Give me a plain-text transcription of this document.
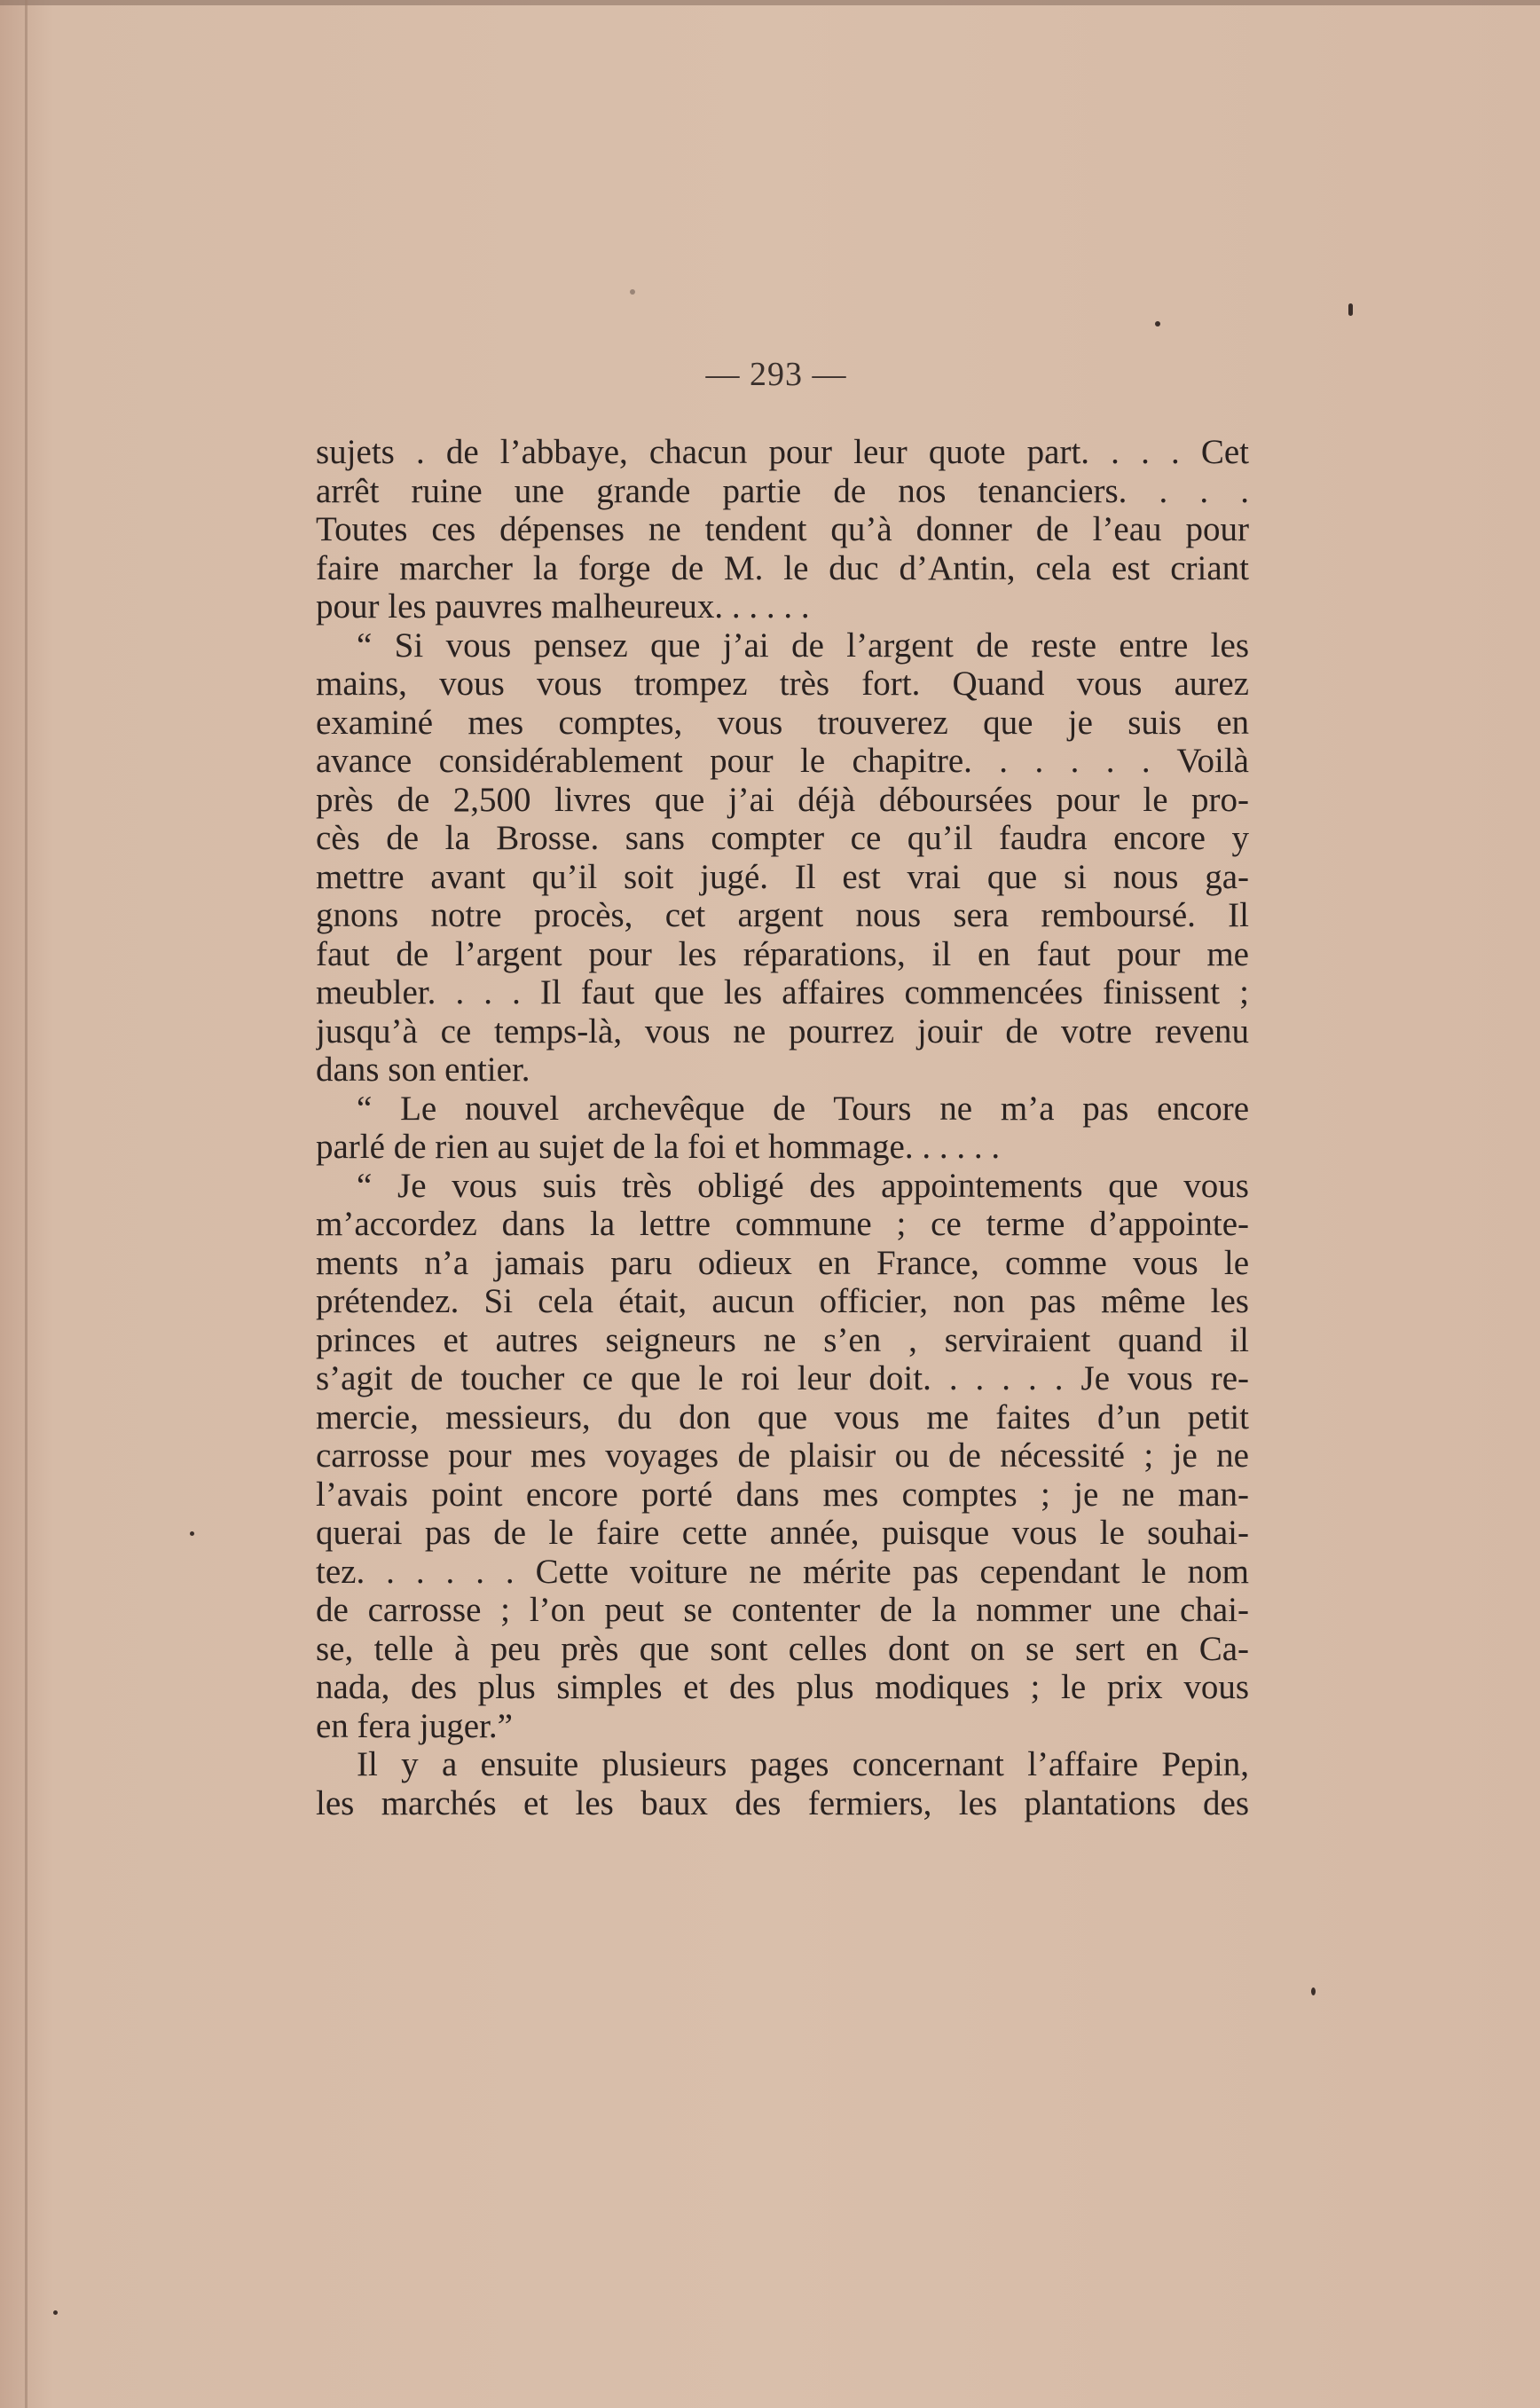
— 293 —
sujets . de l’abbaye, chacun pour leur quote part. . . . Cet
arrêt ruine une grande partie de nos tenanciers. . . .
Toutes ces dépenses ne tendent qu’à donner de l’eau pour
faire marcher la forge de M. le duc d’Antin, cela est criant
pour les pauvres malheureux. . . . . .
“ Si vous pensez que j’ai de l’argent de reste entre les
mains, vous vous trompez très fort. Quand vous aurez
examiné mes comptes, vous trouverez que je suis en
avance considérablement pour le chapitre. . . . . . Voilà
près de 2,500 livres que j’ai déjà déboursées pour le pro-
cès de la Brosse. sans compter ce qu’il faudra encore y
mettre avant qu’il soit jugé. Il est vrai que si nous ga-
gnons notre procès, cet argent nous sera remboursé. Il
faut de l’argent pour les réparations, il en faut pour me
meubler. . . . Il faut que les affaires commencées finissent ;
jusqu’à ce temps-là, vous ne pourrez jouir de votre revenu
dans son entier.
“ Le nouvel archevêque de Tours ne m’a pas encore
parlé de rien au sujet de la foi et hommage. . . . . .
“ Je vous suis très obligé des appointements que vous
m’accordez dans la lettre commune ; ce terme d’appointe-
ments n’a jamais paru odieux en France, comme vous le
prétendez. Si cela était, aucun officier, non pas même les
princes et autres seigneurs ne s’en , serviraient quand il
s’agit de toucher ce que le roi leur doit. . . . . . Je vous re-
mercie, messieurs, du don que vous me faites d’un petit
carrosse pour mes voyages de plaisir ou de nécessité ; je ne
l’avais point encore porté dans mes comptes ; je ne man-
querai pas de le faire cette année, puisque vous le souhai-
tez. . . . . . Cette voiture ne mérite pas cependant le nom
de carrosse ; l’on peut se contenter de la nommer une chai-
se, telle à peu près que sont celles dont on se sert en Ca-
nada, des plus simples et des plus modiques ; le prix vous
en fera juger.”
Il y a ensuite plusieurs pages concernant l’affaire Pepin,
les marchés et les baux des fermiers, les plantations des
